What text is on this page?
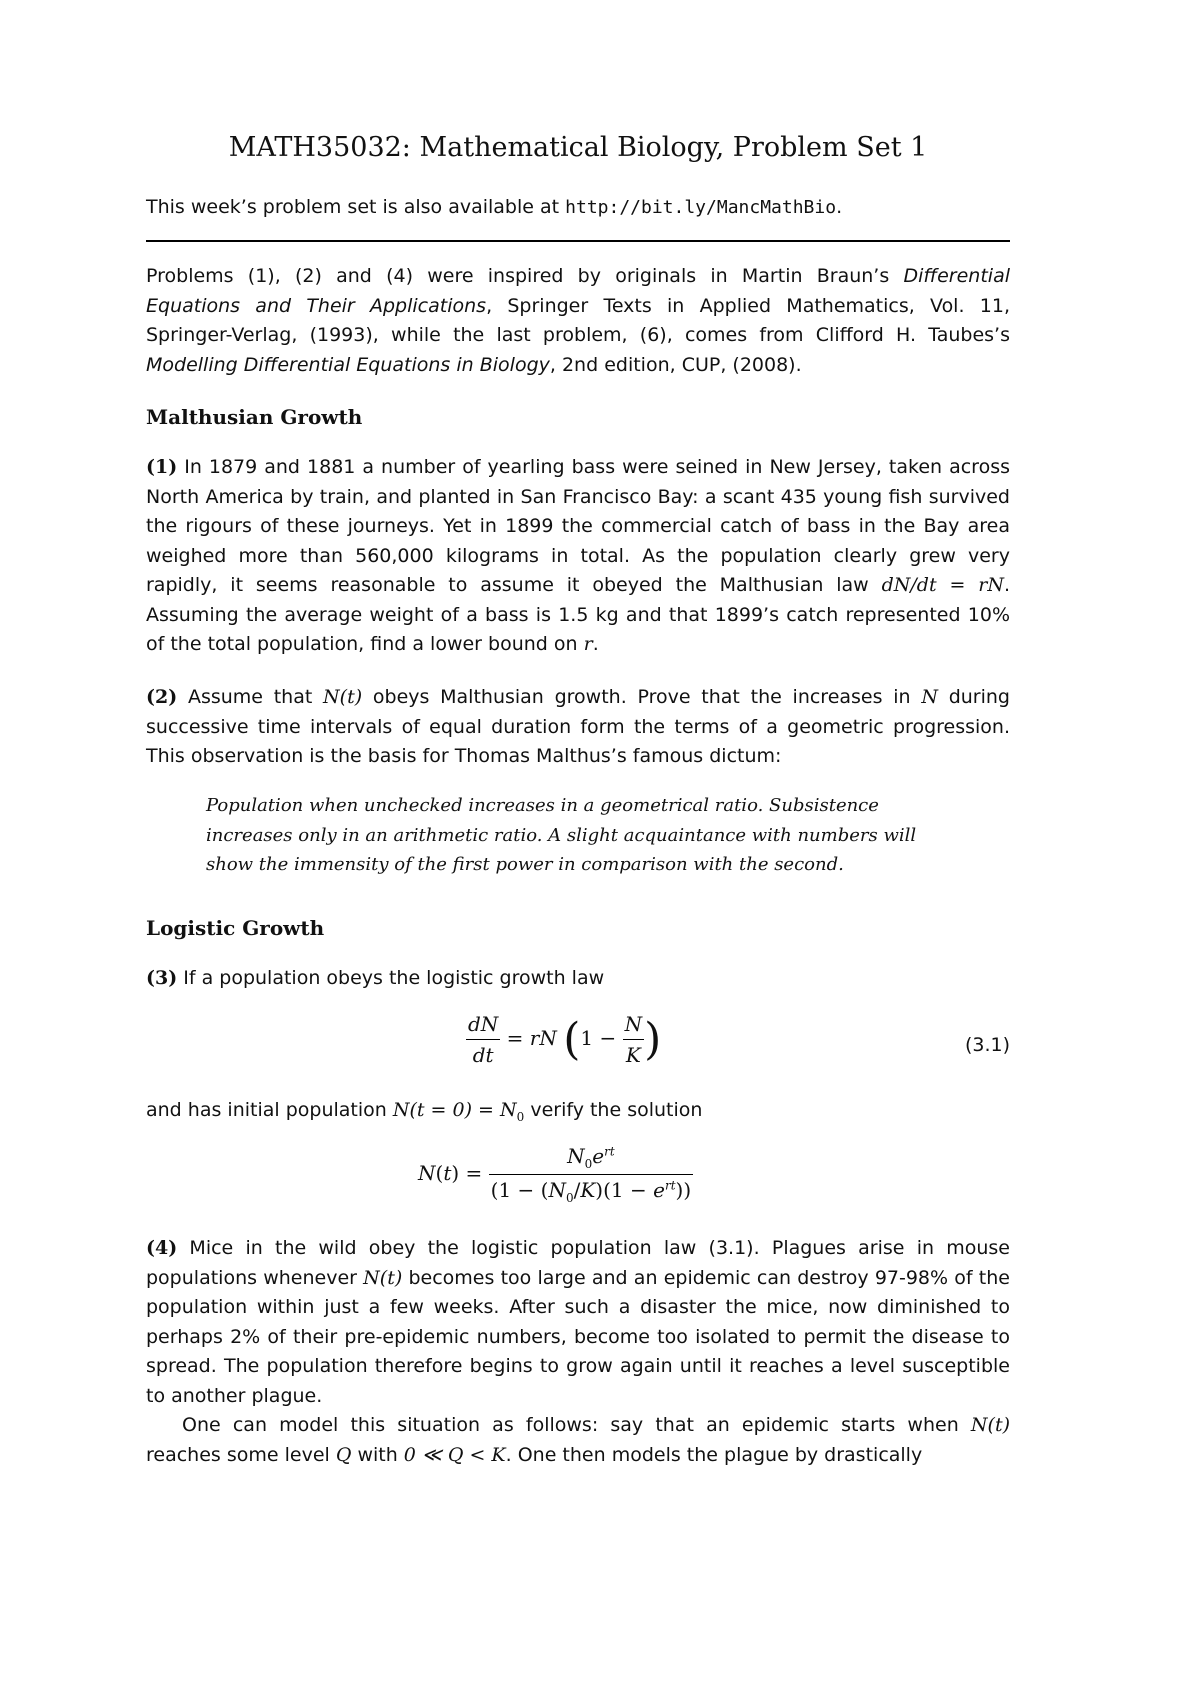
MATH35032: Mathematical Biology, Problem Set 1
This week’s problem set is also available at http://bit.ly/MancMathBio.
Problems (1), (2) and (4) were inspired by originals in Martin Braun’s Differential Equations and Their Applications, Springer Texts in Applied Mathematics, Vol. 11, Springer-Verlag, (1993), while the last problem, (6), comes from Clifford H. Taubes’s Modelling Differential Equations in Biology, 2nd edition, CUP, (2008).
Malthusian Growth
(1) In 1879 and 1881 a number of yearling bass were seined in New Jersey, taken across North America by train, and planted in San Francisco Bay: a scant 435 young fish survived the rigours of these journeys. Yet in 1899 the commercial catch of bass in the Bay area weighed more than 560,000 kilograms in total. As the population clearly grew very rapidly, it seems reasonable to assume it obeyed the Malthusian law dN/dt = rN. Assuming the average weight of a bass is 1.5 kg and that 1899’s catch represented 10% of the total population, find a lower bound on r.
(2) Assume that N(t) obeys Malthusian growth. Prove that the increases in N during successive time intervals of equal duration form the terms of a geometric progression. This observation is the basis for Thomas Malthus’s famous dictum:
Population when unchecked increases in a geometrical ratio. Subsistence increases only in an arithmetic ratio. A slight acquaintance with numbers will show the immensity of the first power in comparison with the second.
Logistic Growth
(3) If a population obeys the logistic growth law
$\frac{dN}{dt}$ = rN ($1 - \frac{N}{K}$ )	(3.1)
and has initial population $N(t = 0) = N_0$ verify the solution
$N(t) = \frac{N_0e^{rt}}{(1 - (N_0/K)(1 - e^{rt}))}$
(4) Mice in the wild obey the logistic population law (3.1). Plagues arise in mouse populations whenever N(t) becomes too large and an epidemic can destroy 97-98% of the population within just a few weeks. After such a disaster the mice, now diminished to perhaps 2% of their pre-epidemic numbers, become too isolated to permit the disease to spread. The population therefore begins to grow again until it reaches a level susceptible to another plague.
One can model this situation as follows: say that an epidemic starts when N(t) reaches some level Q with 0 ≪ Q < K. One then models the plague by drastically
